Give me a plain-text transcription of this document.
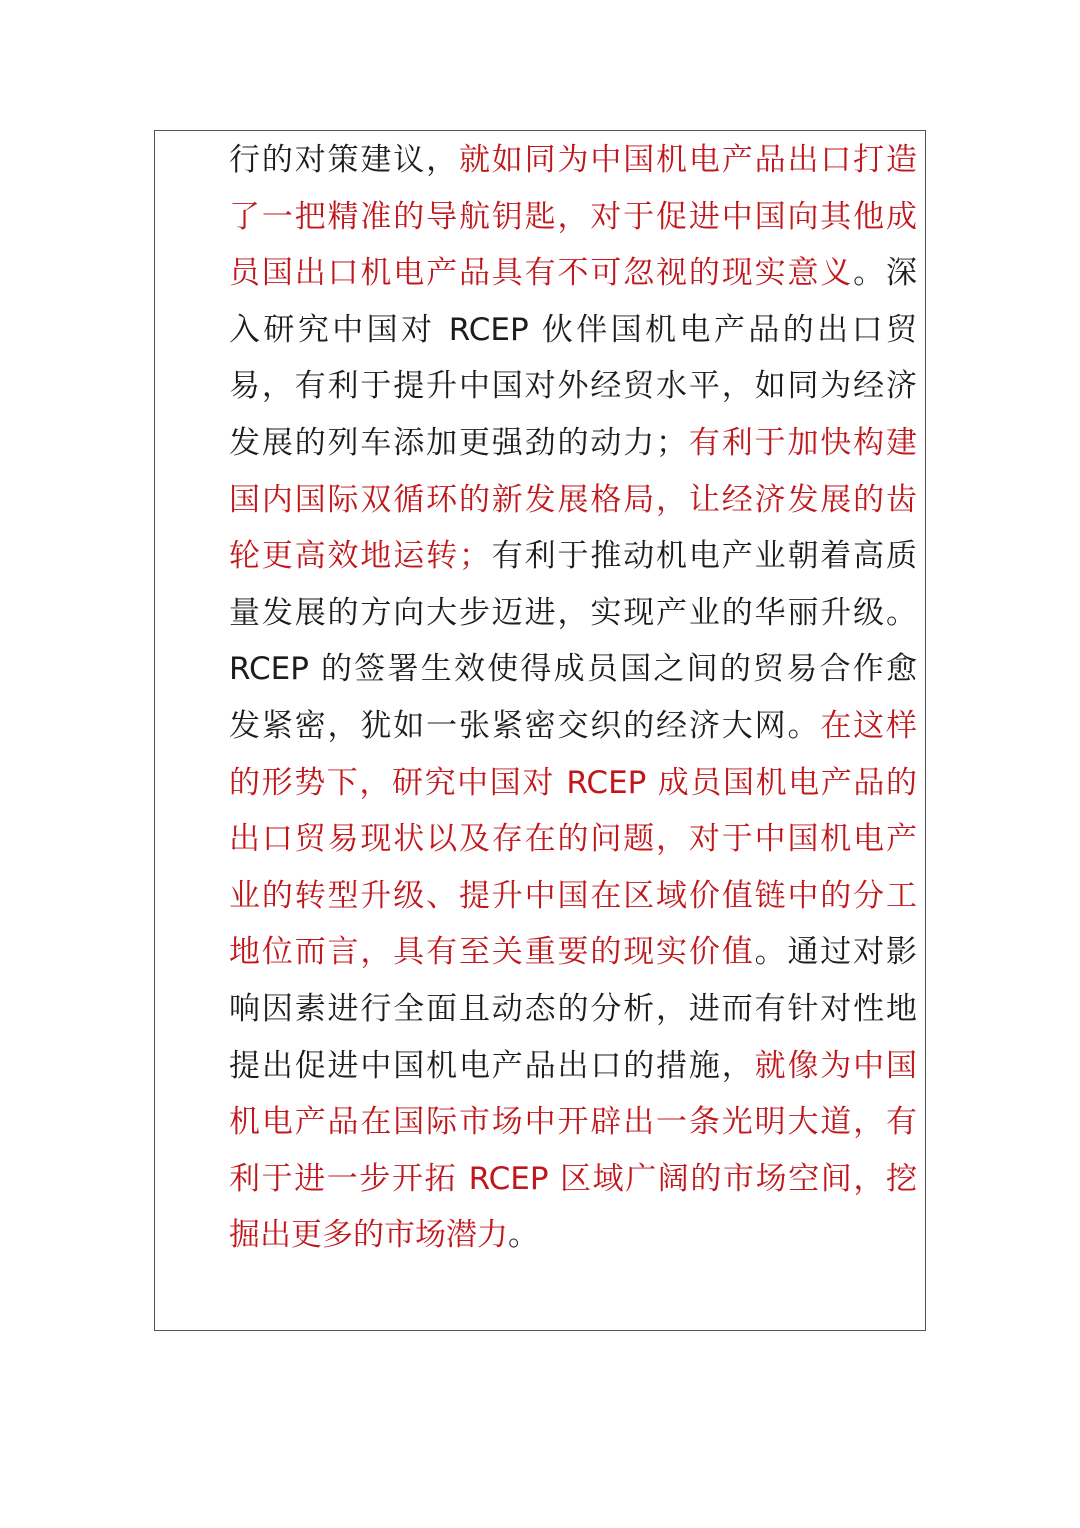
行的对策建议，就如同为中国机电产品出口打造
了一把精准的导航钥匙，对于促进中国向其他成
员国出口机电产品具有不可忽视的现实意义。深
入研究中国对 RCEP 伙伴国机电产品的出口贸
易，有利于提升中国对外经贸水平，如同为经济
发展的列车添加更强劲的动力；有利于加快构建
国内国际双循环的新发展格局，让经济发展的齿
轮更高效地运转；有利于推动机电产业朝着高质
量发展的方向大步迈进，实现产业的华丽升级。
RCEP 的签署生效使得成员国之间的贸易合作愈
发紧密，犹如一张紧密交织的经济大网。在这样
的形势下，研究中国对 RCEP 成员国机电产品的
出口贸易现状以及存在的问题，对于中国机电产
业的转型升级、提升中国在区域价值链中的分工
地位而言，具有至关重要的现实价值。通过对影
响因素进行全面且动态的分析，进而有针对性地
提出促进中国机电产品出口的措施，就像为中国
机电产品在国际市场中开辟出一条光明大道，有
利于进一步开拓 RCEP 区域广阔的市场空间，挖
掘出更多的市场潜力。
